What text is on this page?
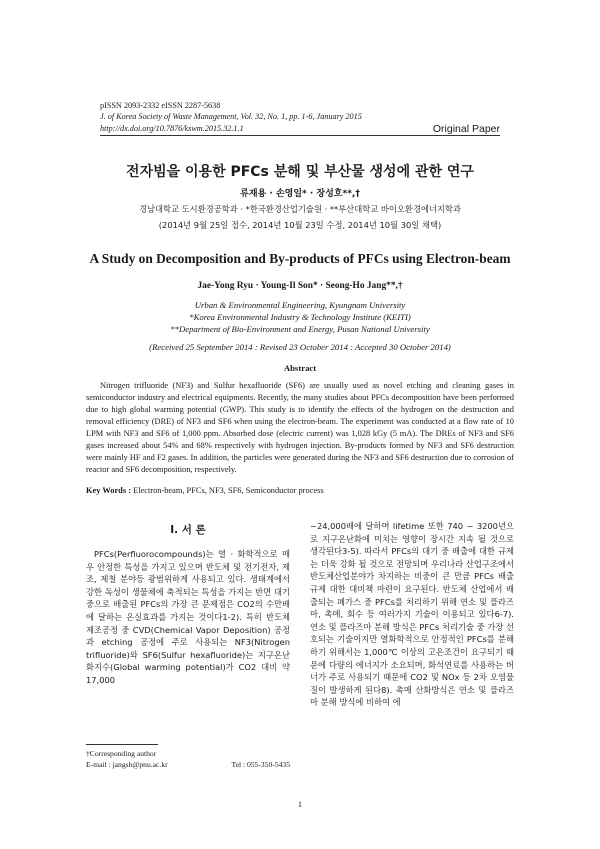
pISSN 2093-2332 eISSN 2287-5638
J. of Korea Society of Waste Management, Vol. 32, No. 1, pp. 1-6, January 2015
http://dx.doi.org/10.7876/kswm.2015.32.1.1	Original Paper
전자빔을 이용한 PFCs 분해 및 부산물 생성에 관한 연구
류재용 · 손영일* · 장성호**,†
경남대학교 도시환경공학과 · *한국환경산업기술원 · **부산대학교 바이오환경에너지학과
(2014년 9월 25일 접수, 2014년 10월 23일 수정, 2014년 10월 30일 채택)
A Study on Decomposition and By-products of PFCs using Electron-beam
Jae-Yong Ryu · Young-Il Son* · Seong-Ho Jang**,†
Urban & Environmental Engineering, Kyungnam University
*Korea Environmental Industry & Technology Institute (KEITI)
**Department of Bio-Environment and Energy, Pusan National University
(Received 25 September 2014 : Revised 23 October 2014 : Accepted 30 October 2014)
Abstract

Nitrogen trifluoride (NF3) and Sulfur hexafluoride (SF6) are usually used as novel etching and cleaning gases in semiconductor industry and electrical equipments. Recently, the many studies about PFCs decomposition have been performed due to high global warming potential (GWP). This study is to identify the effects of the hydrogen on the destruction and removal efficiency (DRE) of NF3 and SF6 when using the electron-beam. The experiment was conducted at a flow rate of 10 LPM with NF3 and SF6 of 1,000 ppm. Absorbed dose (electric current) was 1,028 kGy (5 mA). The DREs of NF3 and SF6 gases increased about 54% and 68% respectively with hydrogen injection. By-products formed by NF3 and SF6 destruction were mainly HF and F2 gases. In addition, the particles were generated during the NF3 and SF6 destruction due to corrosion of reactor and SF6 decomposition, respectively.

Key Words : Electron-beam, PFCs, NF3, SF6, Semiconductor process
I. 서 론

PFCs(Perfluorocompounds)는 열 · 화학적으로 매우 안정한 특성을 가지고 있으며 반도체 및 전기전자, 제조, 제철 분야등 광범위하게 사용되고 있다. 생태계에서 강한 독성이 생물체에 축적되는 특성을 가지는 반면 대기 중으로 배출된 PFCs의 가장 큰 문제점은 CO2의 수만배에 달하는 온실효과를 가지는 것이다1-2). 특히 반도체 제조공정 중 CVD(Chemical Vapor Deposition) 공정과 etching 공정에 주로 사용되는 NF3(Nitrogen trifluoride)와 SF6(Sulfur hexafluoride)는 지구온난화지수(Global warming potential)가 CO2 대비 약 17,000

~24,000배에 달하며 lifetime 또한 740 ~ 3200년으로 지구온난화에 미치는 영향이 장시간 지속 될 것으로 생각된다3-5). 따라서 PFCs의 대기 중 배출에 대한 규제는 더욱 강화 될 것으로 전망되며 우리나라 산업구조에서 반도체산업분야가 차지하는 비중이 큰 만큼 PFCs 배출 규제 대한 대비책 마련이 요구된다. 반도체 산업에서 배출되는 폐가스 중 PFCs를 처리하기 위해 연소 및 플라즈마, 촉매, 회수 등 여러가지 기술이 이용되고 있다6-7). 연소 및 플라즈마 분해 방식은 PFCs 처리기술 중 가장 선호되는 기술이지만 열화학적으로 안정적인 PFCs를 분해하기 위해서는 1,000℃ 이상의 고온조건이 요구되기 때문에 다량의 에너지가 소요되며, 화석연료를 사용하는 버너가 주로 사용되기 때문에 CO2 및 NOx 등 2차 오염물질이 발생하게 된다8). 촉매 산화방식은 연소 및 플라즈마 분해 방식에 비하여 에

†Corresponding author
E-mail : jangsh@pnu.ac.kr	Tel : 055-350-5435
1
